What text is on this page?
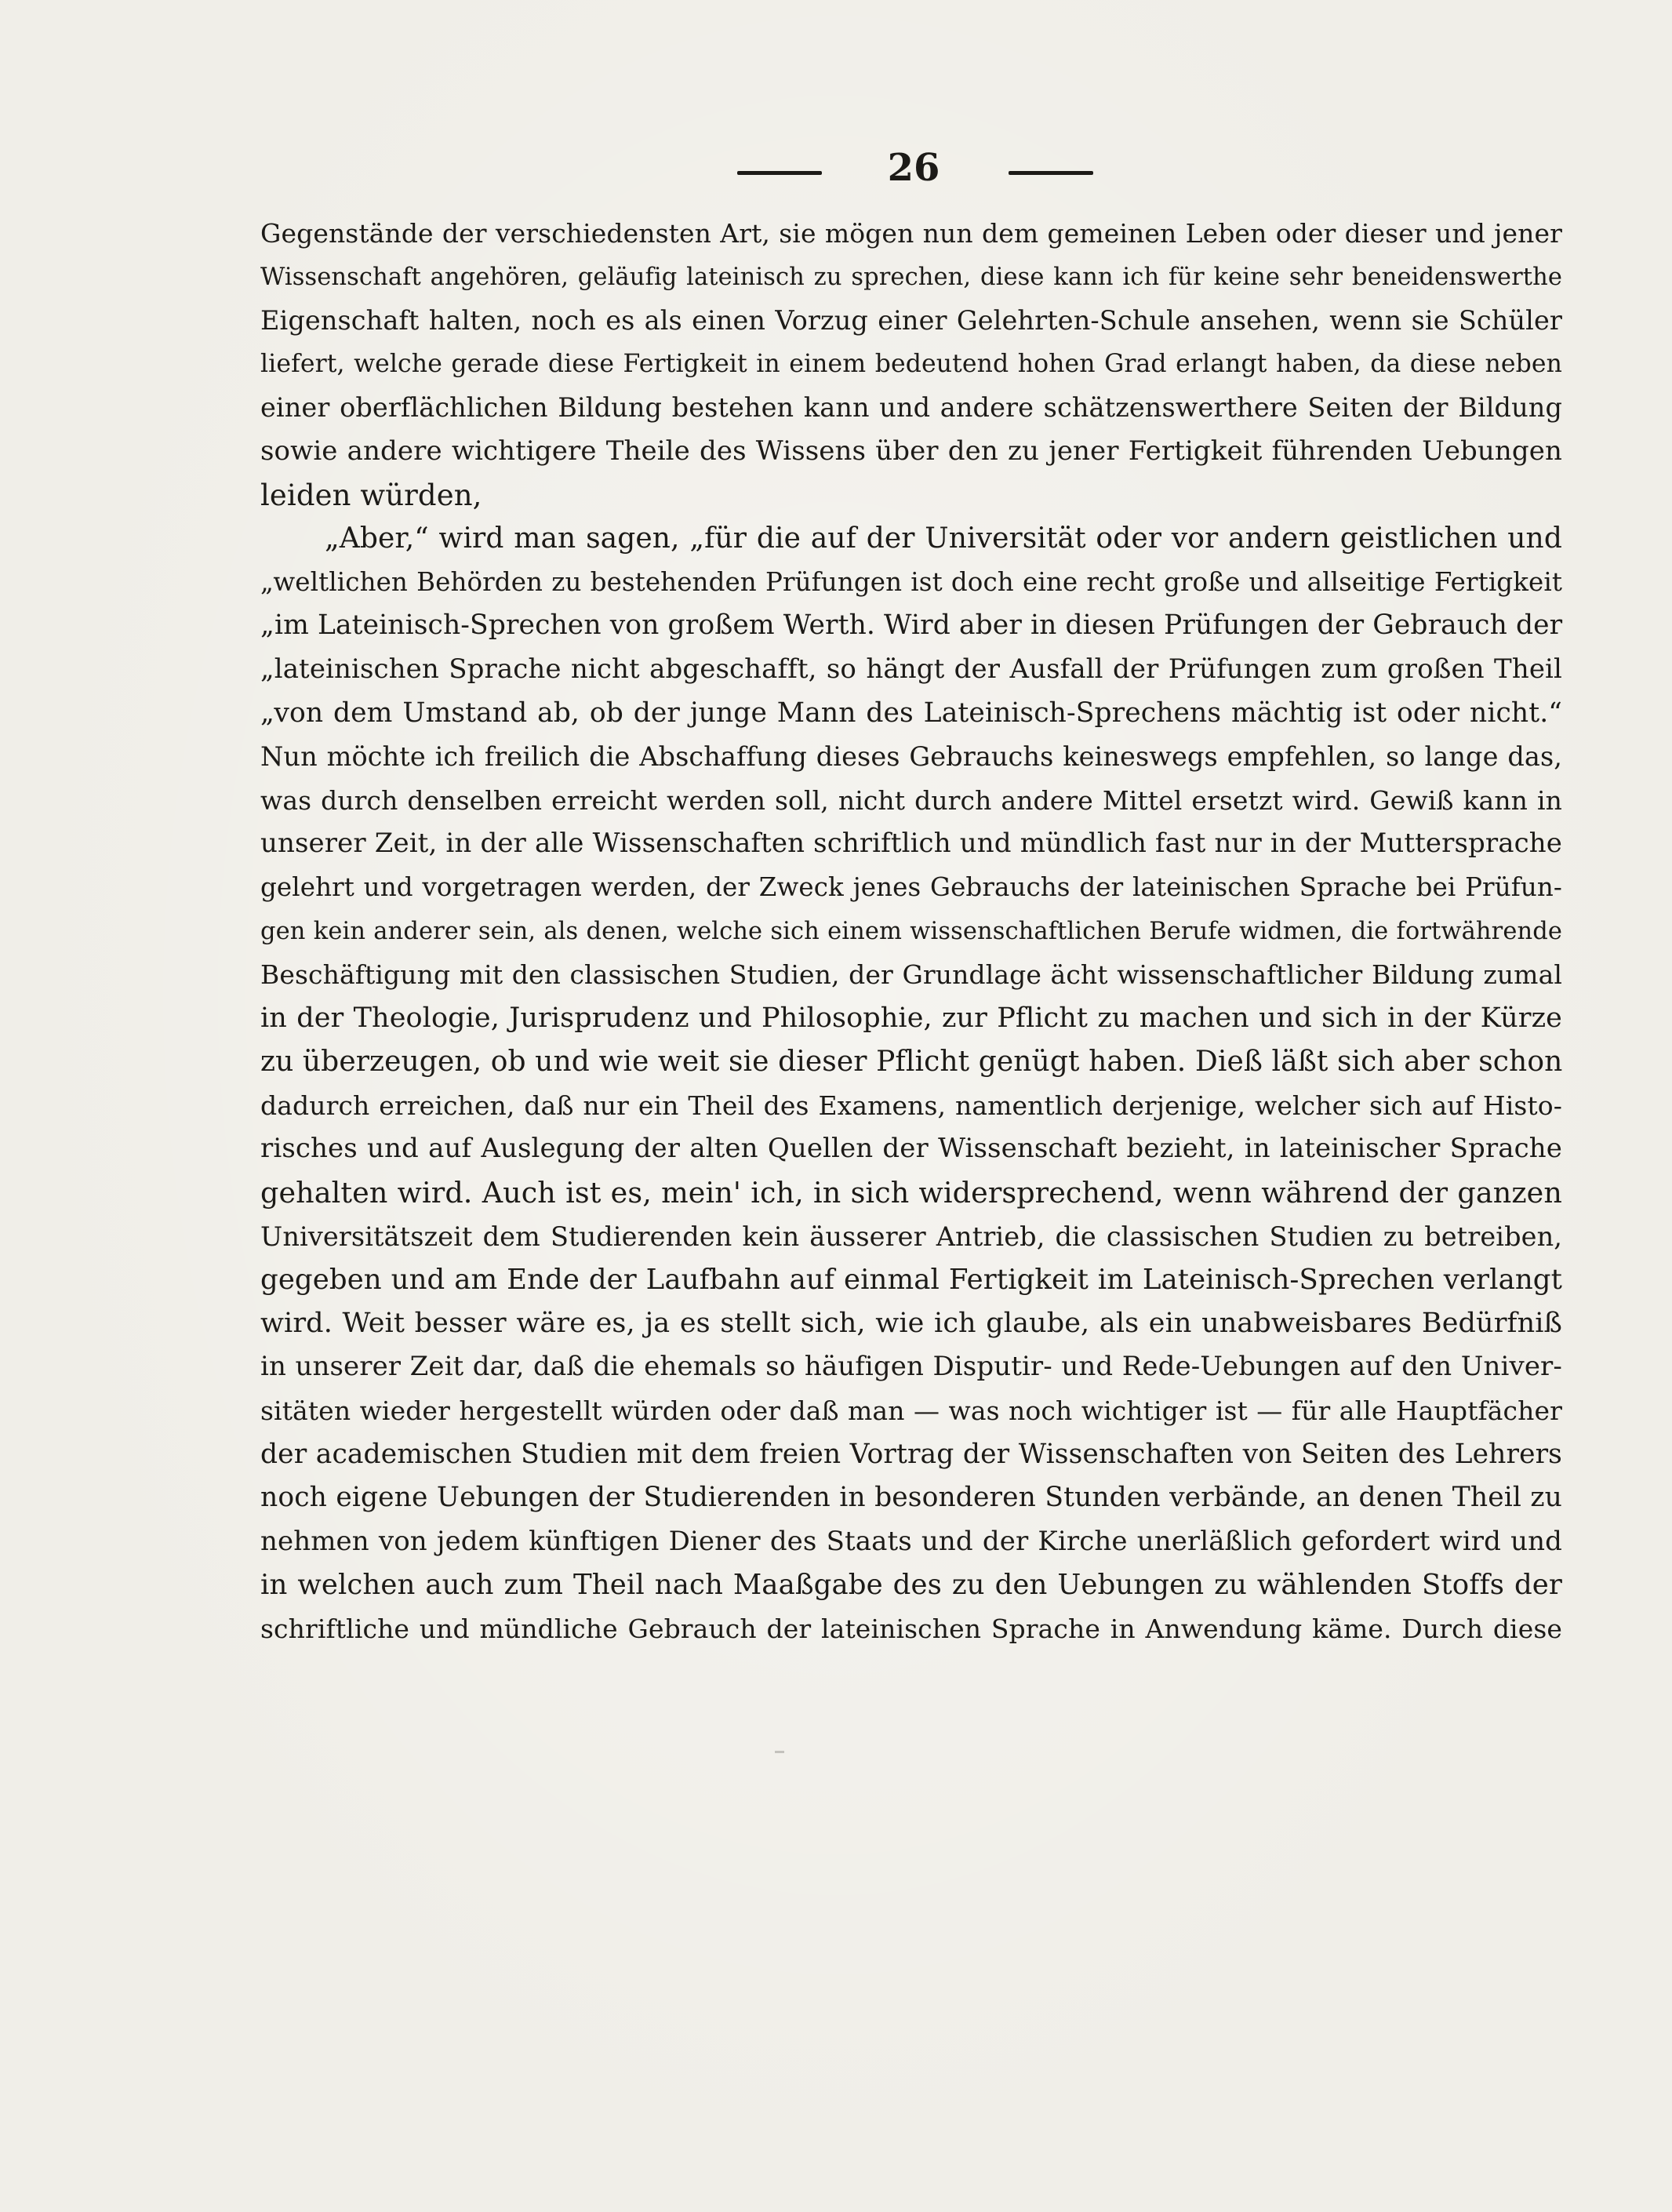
26
Gegenstände der verschiedensten Art, sie mögen nun dem gemeinen Leben oder dieser und jener
Wissenschaft angehören, geläufig lateinisch zu sprechen, diese kann ich für keine sehr beneidenswerthe
Eigenschaft halten, noch es als einen Vorzug einer Gelehrten-Schule ansehen, wenn sie Schüler
liefert, welche gerade diese Fertigkeit in einem bedeutend hohen Grad erlangt haben, da diese neben
einer oberflächlichen Bildung bestehen kann und andere schätzenswerthere Seiten der Bildung
sowie andere wichtigere Theile des Wissens über den zu jener Fertigkeit führenden Uebungen
leiden würden,
„Aber,“ wird man sagen, „für die auf der Universität oder vor andern geistlichen und
„weltlichen Behörden zu bestehenden Prüfungen ist doch eine recht große und allseitige Fertigkeit
„im Lateinisch-Sprechen von großem Werth. Wird aber in diesen Prüfungen der Gebrauch der
„lateinischen Sprache nicht abgeschafft, so hängt der Ausfall der Prüfungen zum großen Theil
„von dem Umstand ab, ob der junge Mann des Lateinisch-Sprechens mächtig ist oder nicht.“
Nun möchte ich freilich die Abschaffung dieses Gebrauchs keineswegs empfehlen, so lange das,
was durch denselben erreicht werden soll, nicht durch andere Mittel ersetzt wird. Gewiß kann in
unserer Zeit, in der alle Wissenschaften schriftlich und mündlich fast nur in der Muttersprache
gelehrt und vorgetragen werden, der Zweck jenes Gebrauchs der lateinischen Sprache bei Prüfun-
gen kein anderer sein, als denen, welche sich einem wissenschaftlichen Berufe widmen, die fortwährende
Beschäftigung mit den classischen Studien, der Grundlage ächt wissenschaftlicher Bildung zumal
in der Theologie, Jurisprudenz und Philosophie, zur Pflicht zu machen und sich in der Kürze
zu überzeugen, ob und wie weit sie dieser Pflicht genügt haben. Dieß läßt sich aber schon
dadurch erreichen, daß nur ein Theil des Examens, namentlich derjenige, welcher sich auf Histo-
risches und auf Auslegung der alten Quellen der Wissenschaft bezieht, in lateinischer Sprache
gehalten wird. Auch ist es, mein' ich, in sich widersprechend, wenn während der ganzen
Universitätszeit dem Studierenden kein äusserer Antrieb, die classischen Studien zu betreiben,
gegeben und am Ende der Laufbahn auf einmal Fertigkeit im Lateinisch-Sprechen verlangt
wird. Weit besser wäre es, ja es stellt sich, wie ich glaube, als ein unabweisbares Bedürfniß
in unserer Zeit dar, daß die ehemals so häufigen Disputir- und Rede-Uebungen auf den Univer-
sitäten wieder hergestellt würden oder daß man — was noch wichtiger ist — für alle Hauptfächer
der academischen Studien mit dem freien Vortrag der Wissenschaften von Seiten des Lehrers
noch eigene Uebungen der Studierenden in besonderen Stunden verbände, an denen Theil zu
nehmen von jedem künftigen Diener des Staats und der Kirche unerläßlich gefordert wird und
in welchen auch zum Theil nach Maaßgabe des zu den Uebungen zu wählenden Stoffs der
schriftliche und mündliche Gebrauch der lateinischen Sprache in Anwendung käme. Durch diese
